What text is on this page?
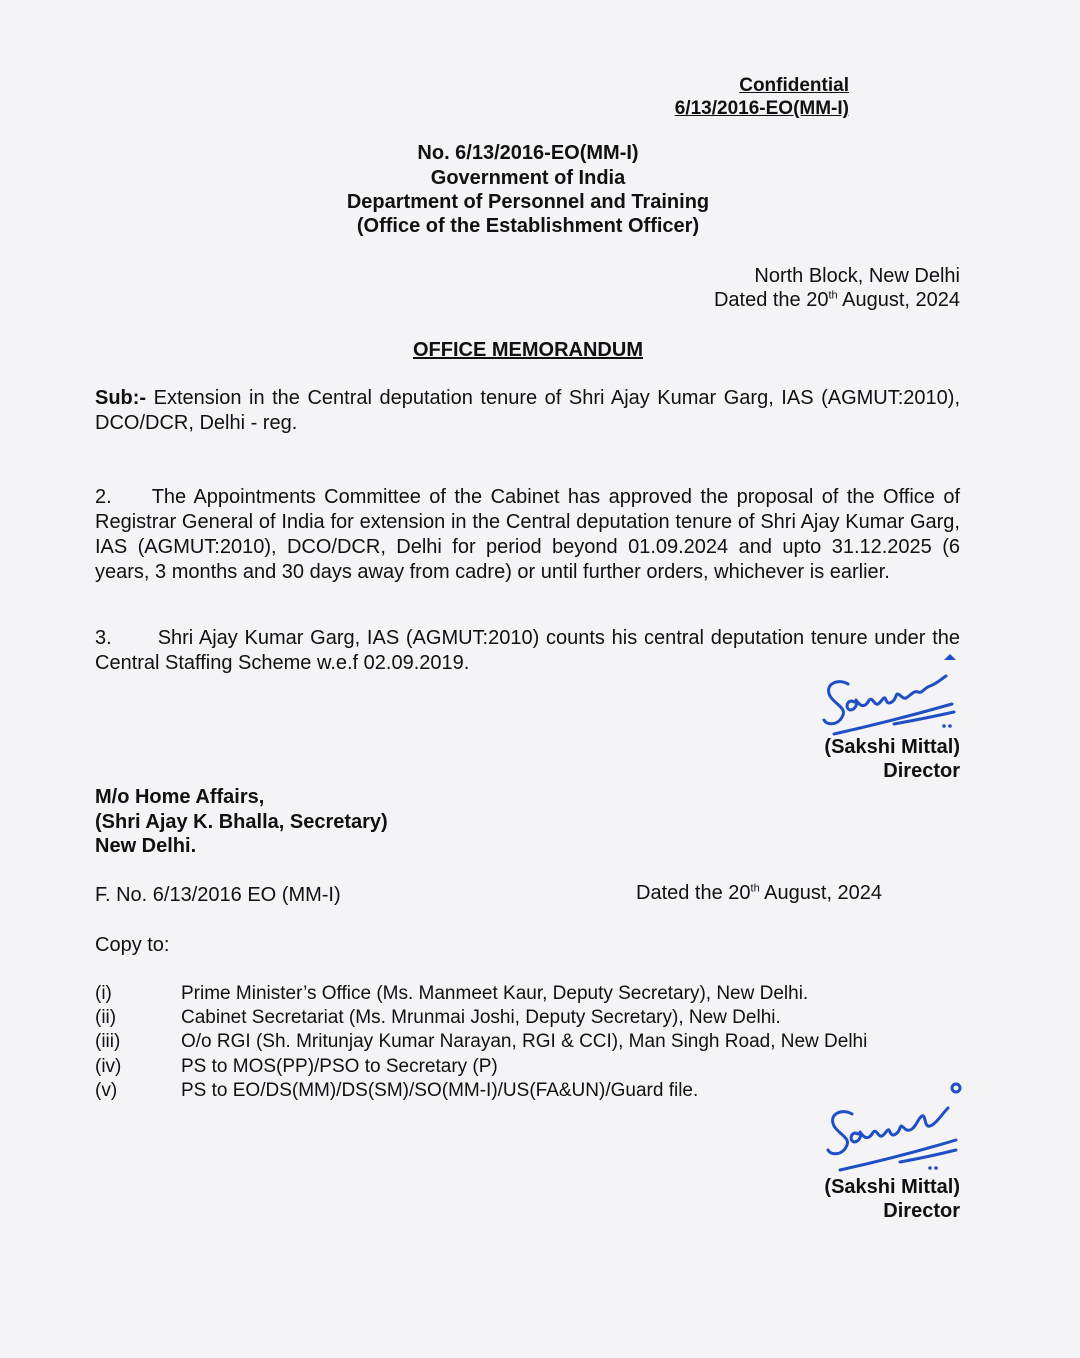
Confidential
6/13/2016-EO(MM-I)
No. 6/13/2016-EO(MM-I)
Government of India
Department of Personnel and Training
(Office of the Establishment Officer)
North Block, New Delhi
Dated the 20th August, 2024
OFFICE MEMORANDUM
Sub:- Extension in the Central deputation tenure of Shri Ajay Kumar Garg, IAS (AGMUT:2010), DCO/DCR, Delhi - reg.
2. The Appointments Committee of the Cabinet has approved the proposal of the Office of Registrar General of India for extension in the Central deputation tenure of Shri Ajay Kumar Garg, IAS (AGMUT:2010), DCO/DCR, Delhi for period beyond 01.09.2024 and upto 31.12.2025 (6 years, 3 months and 30 days away from cadre) or until further orders, whichever is earlier.
3. Shri Ajay Kumar Garg, IAS (AGMUT:2010) counts his central deputation tenure under the Central Staffing Scheme w.e.f 02.09.2019.
(Sakshi Mittal)
Director
M/o Home Affairs,
(Shri Ajay K. Bhalla, Secretary)
New Delhi.
F. No. 6/13/2016 EO (MM-I)	Dated the 20th August, 2024
Copy to:
(i)	Prime Minister’s Office (Ms. Manmeet Kaur, Deputy Secretary), New Delhi.
(ii)	Cabinet Secretariat (Ms. Mrunmai Joshi, Deputy Secretary), New Delhi.
(iii)	O/o RGI (Sh. Mritunjay Kumar Narayan, RGI & CCI), Man Singh Road, New Delhi
(iv)	PS to MOS(PP)/PSO to Secretary (P)
(v)	PS to EO/DS(MM)/DS(SM)/SO(MM-I)/US(FA&UN)/Guard file.
(Sakshi Mittal)
Director
